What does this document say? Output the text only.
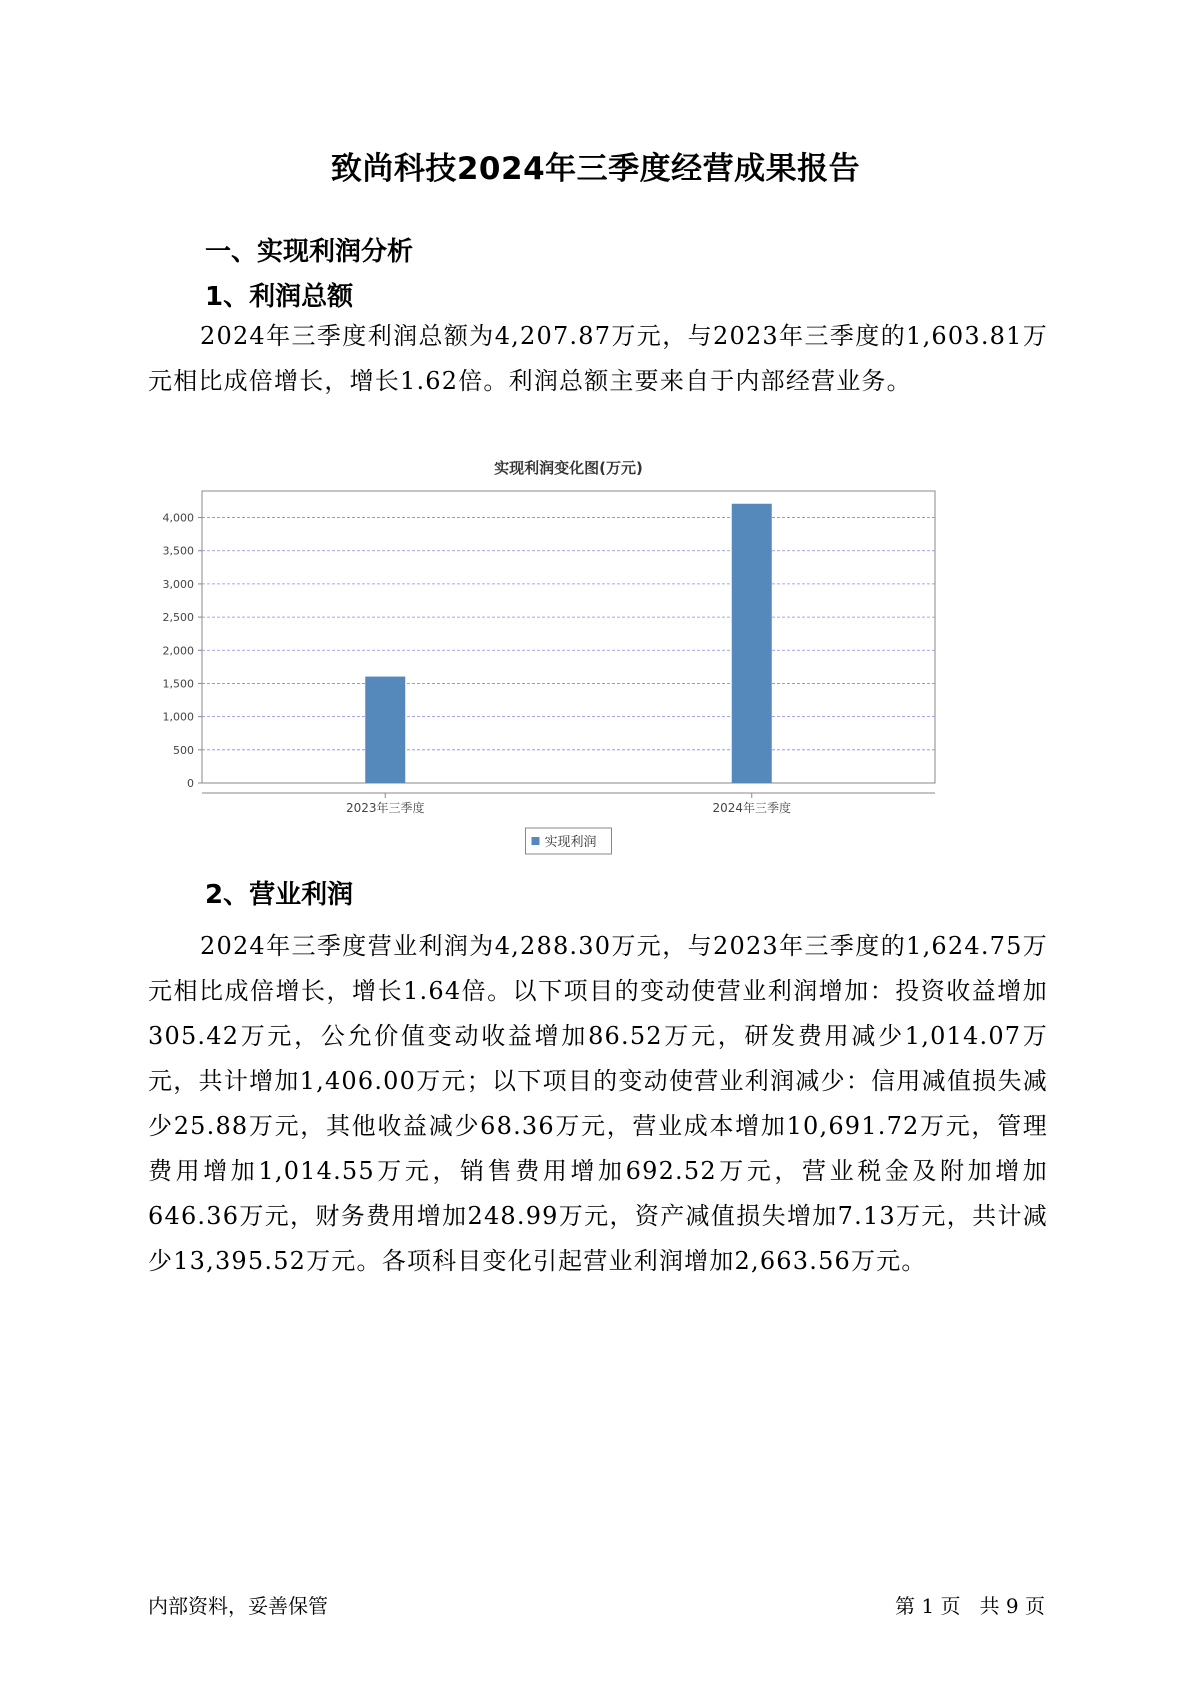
致尚科技2024年三季度经营成果报告
一、实现利润分析
1、利润总额
2024年三季度利润总额为4,207.87万元，与2023年三季度的1,603.81万元相比成倍增长，增长1.62倍。利润总额主要来自于内部经营业务。
实现利润变化图(万元)
0
500
1,000
1,500
2,000
2,500
3,000
3,500
4,000
2023年三季度	2024年三季度
实现利润
2、营业利润
2024年三季度营业利润为4,288.30万元，与2023年三季度的1,624.75万元相比成倍增长，增长1.64倍。以下项目的变动使营业利润增加：投资收益增加305.42万元，公允价值变动收益增加86.52万元，研发费用减少1,014.07万元，共计增加1,406.00万元；以下项目的变动使营业利润减少：信用减值损失减少25.88万元，其他收益减少68.36万元，营业成本增加10,691.72万元，管理费用增加1,014.55万元，销售费用增加692.52万元，营业税金及附加增加646.36万元，财务费用增加248.99万元，资产减值损失增加7.13万元，共计减少13,395.52万元。各项科目变化引起营业利润增加2,663.56万元。
内部资料，妥善保管	第 1 页   共 9 页
